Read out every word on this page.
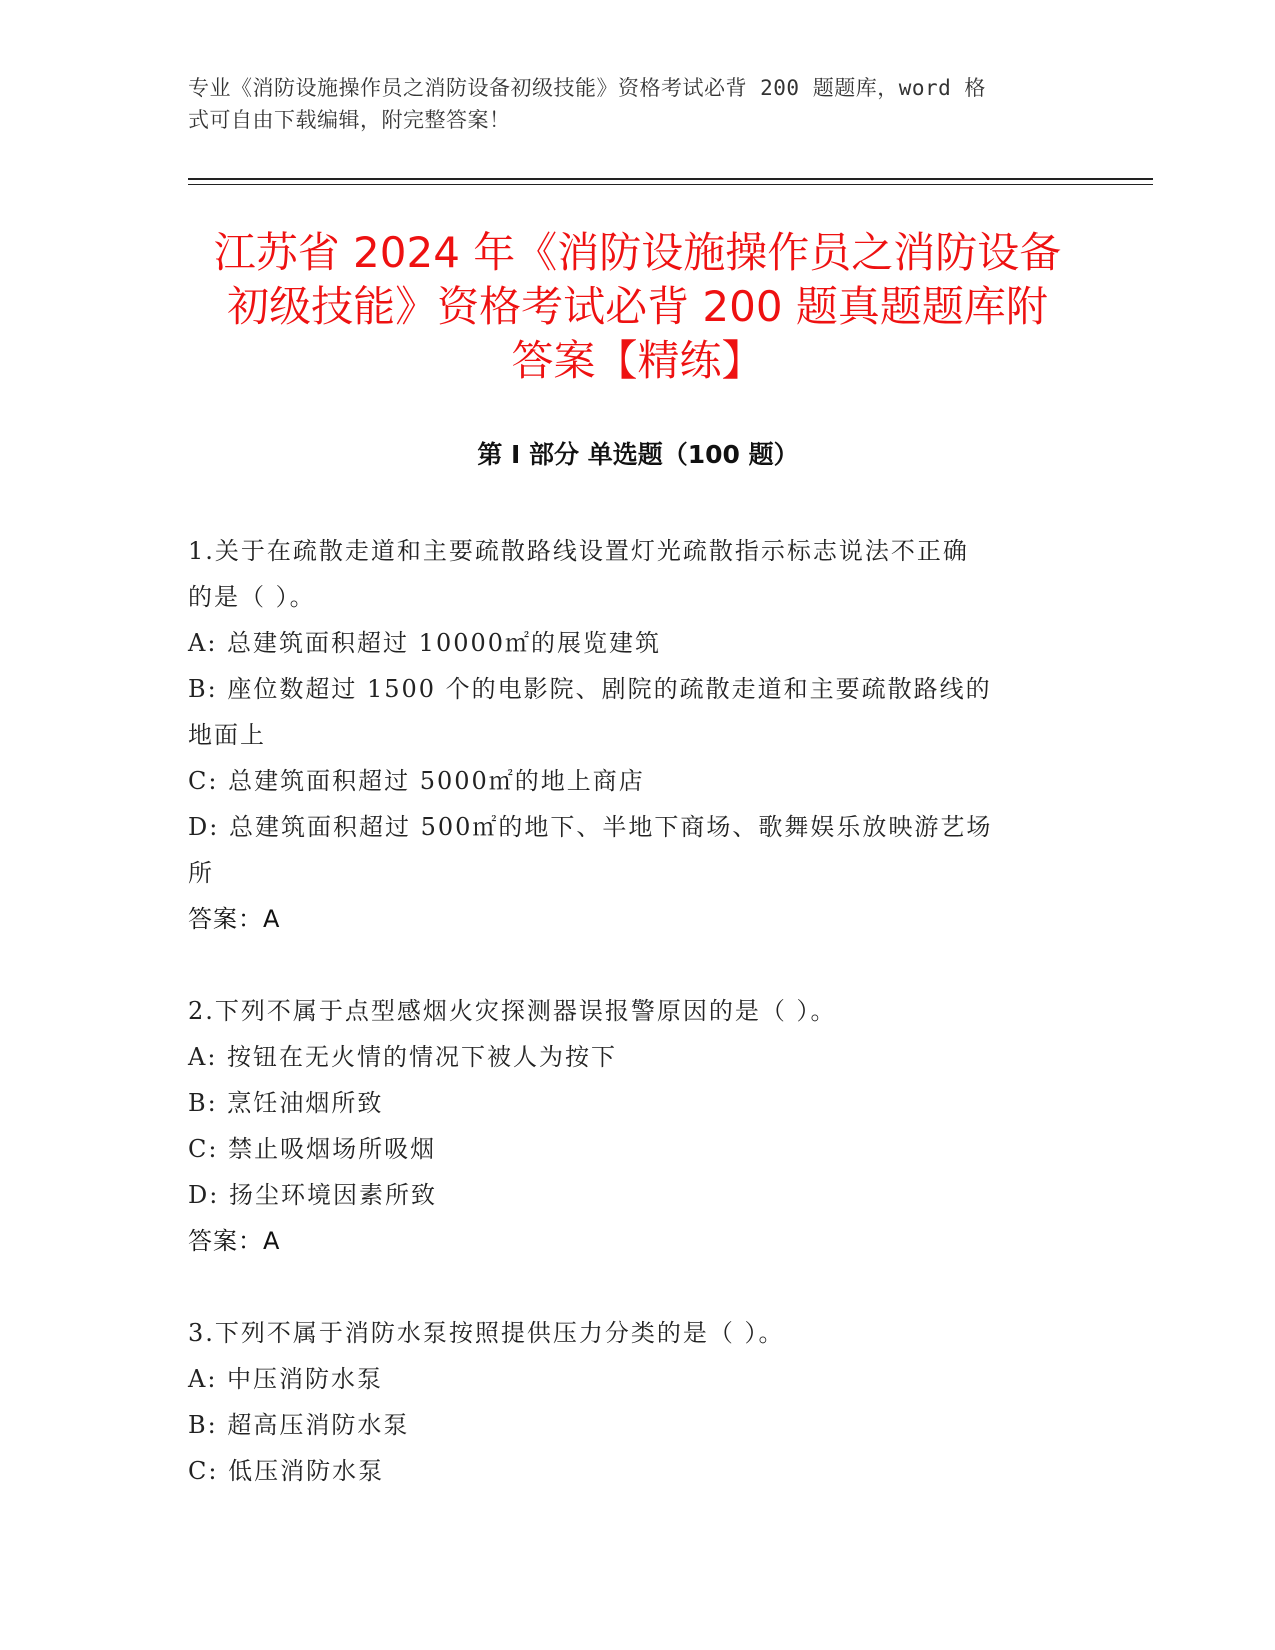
专业《消防设施操作员之消防设备初级技能》资格考试必背 200 题题库，word 格
式可自由下载编辑，附完整答案！
江苏省 2024 年《消防设施操作员之消防设备
初级技能》资格考试必背 200 题真题题库附
答案【精练】
第 I 部分 单选题（100 题）
1.关于在疏散走道和主要疏散路线设置灯光疏散指示标志说法不正确
的是（ ）。
A: 总建筑面积超过 10000㎡的展览建筑
B: 座位数超过 1500 个的电影院、剧院的疏散走道和主要疏散路线的
地面上
C: 总建筑面积超过 5000㎡的地上商店
D: 总建筑面积超过 500㎡的地下、半地下商场、歌舞娱乐放映游艺场
所
答案：A
2.下列不属于点型感烟火灾探测器误报警原因的是（ ）。
A: 按钮在无火情的情况下被人为按下
B: 烹饪油烟所致
C: 禁止吸烟场所吸烟
D: 扬尘环境因素所致
答案：A
3.下列不属于消防水泵按照提供压力分类的是（ ）。
A: 中压消防水泵
B: 超高压消防水泵
C: 低压消防水泵
